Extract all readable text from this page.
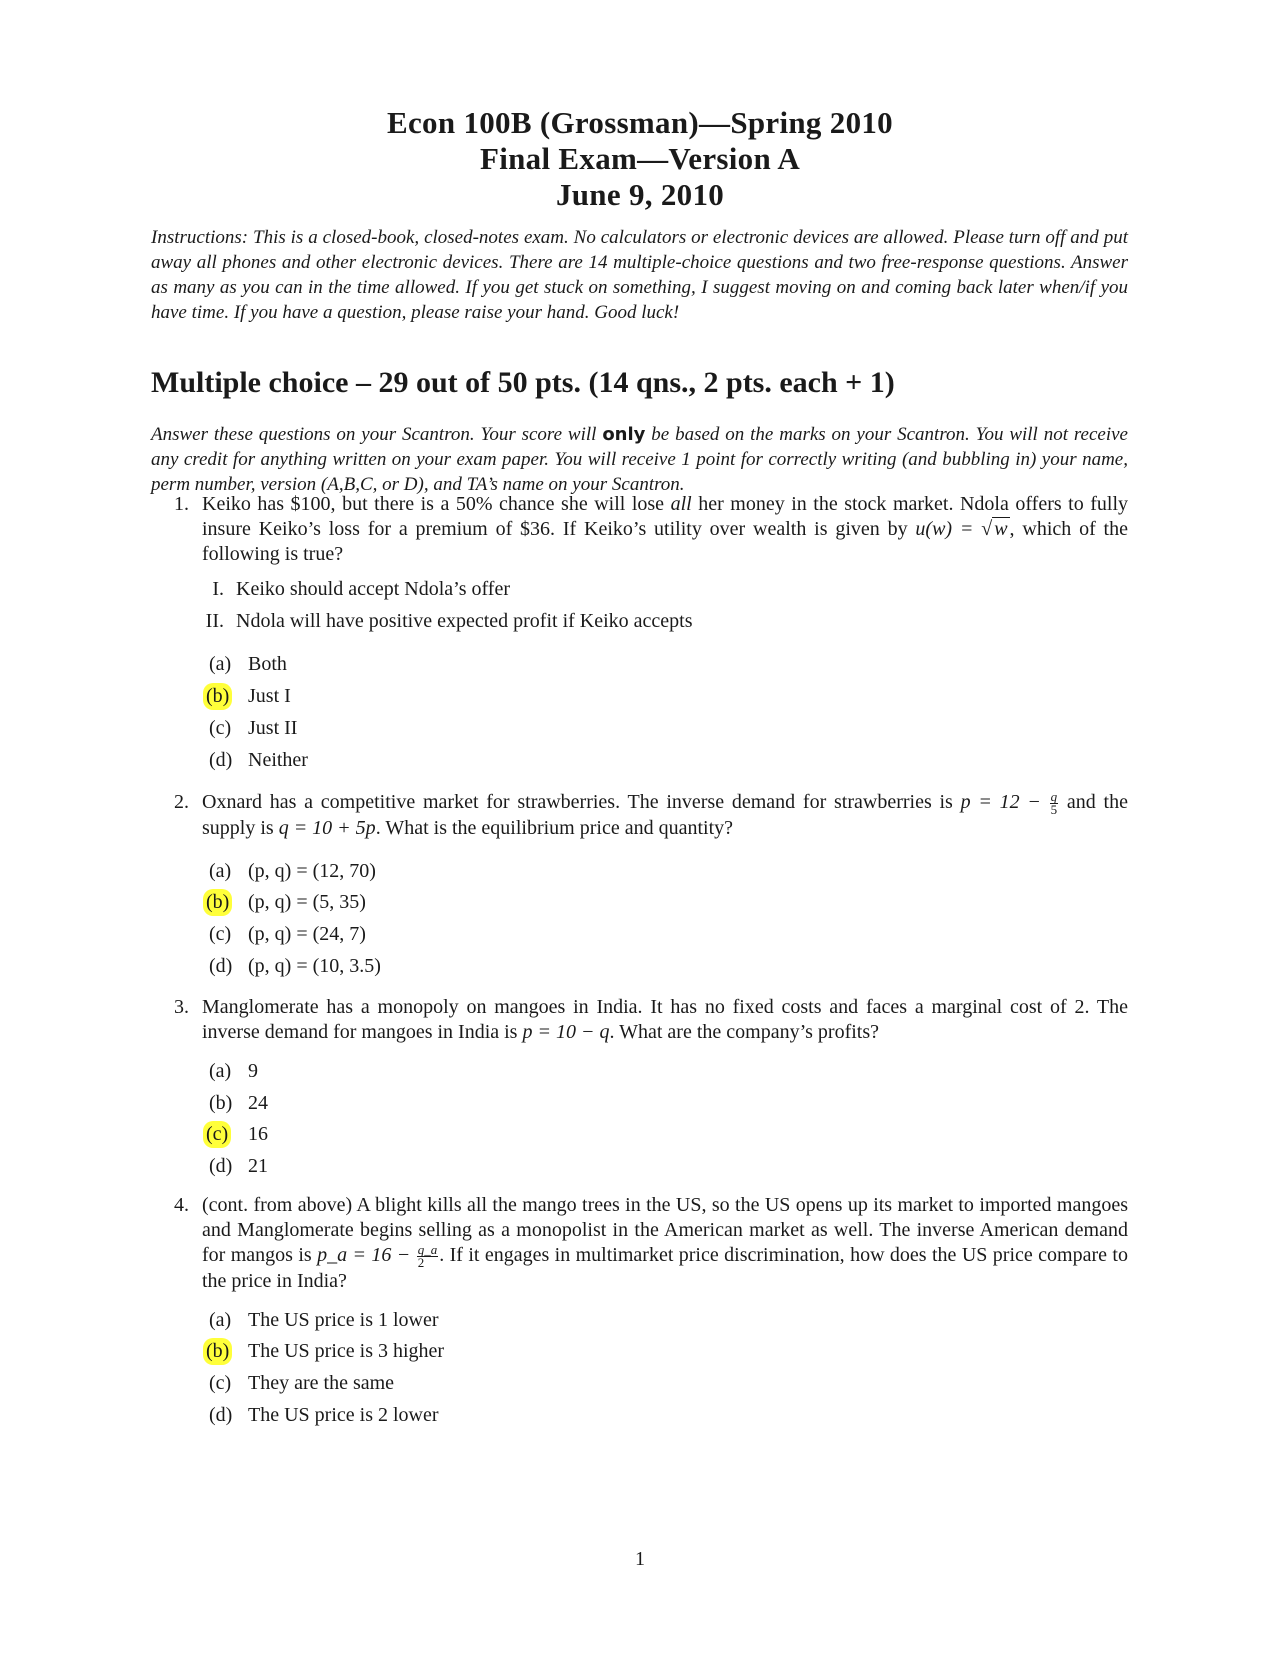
Econ 100B (Grossman)—Spring 2010
Final Exam—Version A
June 9, 2010
Instructions: This is a closed-book, closed-notes exam. No calculators or electronic devices are allowed. Please turn off and put away all phones and other electronic devices. There are 14 multiple-choice questions and two free-response questions. Answer as many as you can in the time allowed. If you get stuck on something, I suggest moving on and coming back later when/if you have time. If you have a question, please raise your hand. Good luck!
Multiple choice – 29 out of 50 pts. (14 qns., 2 pts. each + 1)
Answer these questions on your Scantron. Your score will only be based on the marks on your Scantron. You will not receive any credit for anything written on your exam paper. You will receive 1 point for correctly writing (and bubbling in) your name, perm number, version (A,B,C, or D), and TA’s name on your Scantron.
1. Keiko has $100, but there is a 50% chance she will lose all her money in the stock market. Ndola offers to fully insure Keiko’s loss for a premium of $36. If Keiko’s utility over wealth is given by u(w) = √ w , which of the following is true?
I. Keiko should accept Ndola’s offer
II. Ndola will have positive expected profit if Keiko accepts
(a) Both
(b) Just I
(c) Just II
(d) Neither
2. Oxnard has a competitive market for strawberries. The inverse demand for strawberries is $p = 12 - \frac{q}{5}$ and the supply is q = 10 + 5p. What is the equilibrium price and quantity?
(a) (p, q) = (12, 70)
(b) (p, q) = (5, 35)
(c) (p, q) = (24, 7)
(d) (p, q) = (10, 3.5)
3. Manglomerate has a monopoly on mangoes in India. It has no fixed costs and faces a marginal cost of 2. The inverse demand for mangoes in India is p = 10 − q. What are the company’s profits?
(a) 9
(b) 24
(c) 16
(d) 21
4. (cont. from above) A blight kills all the mango trees in the US, so the US opens up its market to imported mangoes and Manglomerate begins selling as a monopolist in the American market as well. The inverse American demand for mangos is p_a = $16 - \frac{q\_a}{2}$ . If it engages in multimarket price discrimination, how does the US price compare to the price in India?
(a) The US price is 1 lower
(b) The US price is 3 higher
(c) They are the same
(d) The US price is 2 lower
1
